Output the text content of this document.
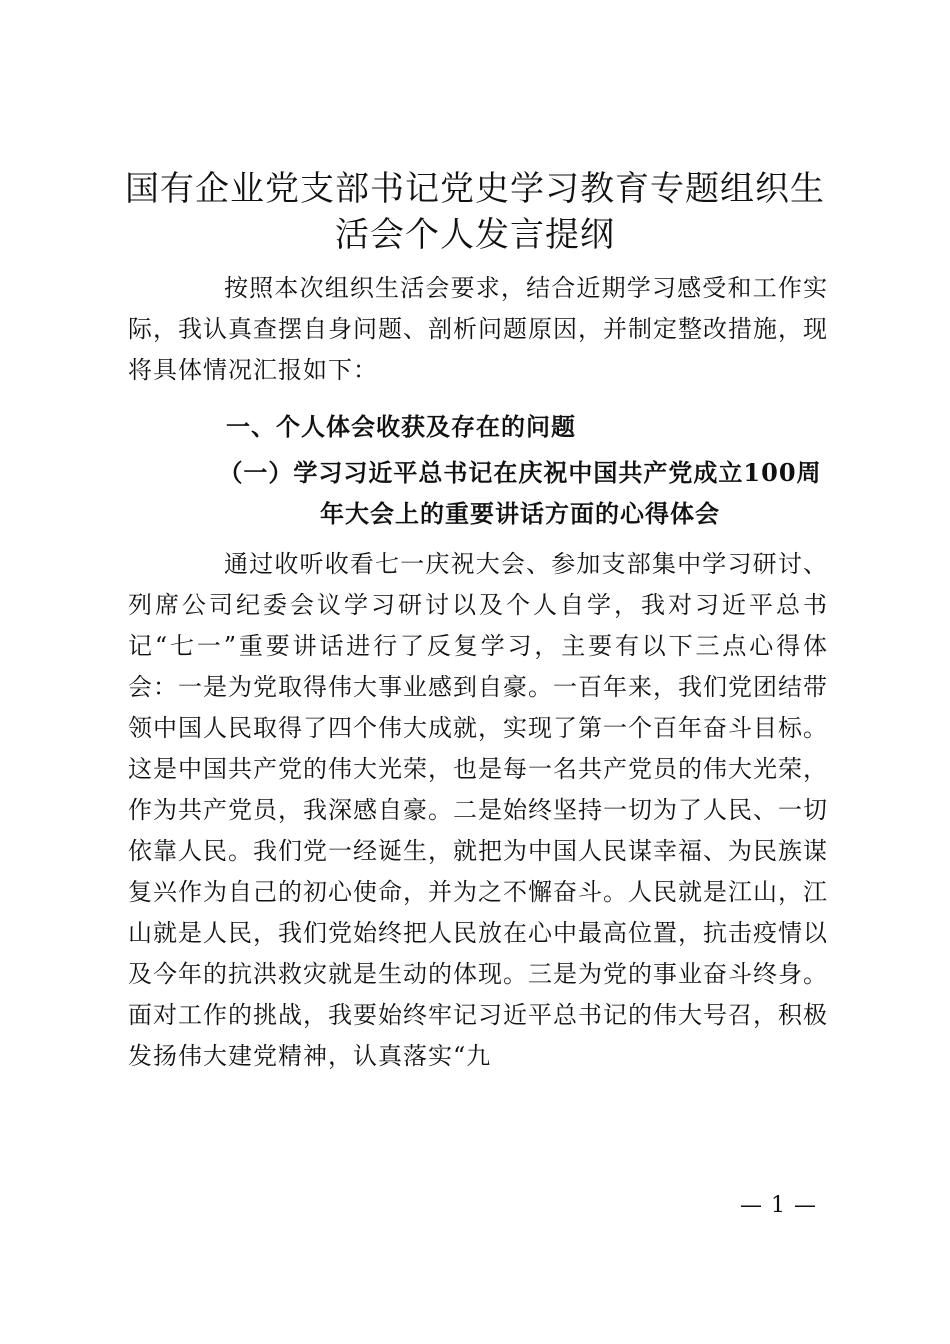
国有企业党支部书记党史学习教育专题组织生活会个人发言提纲

按照本次组织生活会要求，结合近期学习感受和工作实际，我认真查摆自身问题、剖析问题原因，并制定整改措施，现将具体情况汇报如下：

一、个人体会收获及存在的问题
（一）学习习近平总书记在庆祝中国共产党成立100周年大会上的重要讲话方面的心得体会

通过收听收看七一庆祝大会、参加支部集中学习研讨、列席公司纪委会议学习研讨以及个人自学，我对习近平总书记“七一”重要讲话进行了反复学习，主要有以下三点心得体会：一是为党取得伟大事业感到自豪。一百年来，我们党团结带领中国人民取得了四个伟大成就，实现了第一个百年奋斗目标。这是中国共产党的伟大光荣，也是每一名共产党员的伟大光荣，作为共产党员，我深感自豪。二是始终坚持一切为了人民、一切依靠人民。我们党一经诞生，就把为中国人民谋幸福、为民族谋复兴作为自己的初心使命，并为之不懈奋斗。人民就是江山，江山就是人民，我们党始终把人民放在心中最高位置，抗击疫情以及今年的抗洪救灾就是生动的体现。三是为党的事业奋斗终身。面对工作的挑战，我要始终牢记习近平总书记的伟大号召，积极发扬伟大建党精神，认真落实“九

— 1 —
